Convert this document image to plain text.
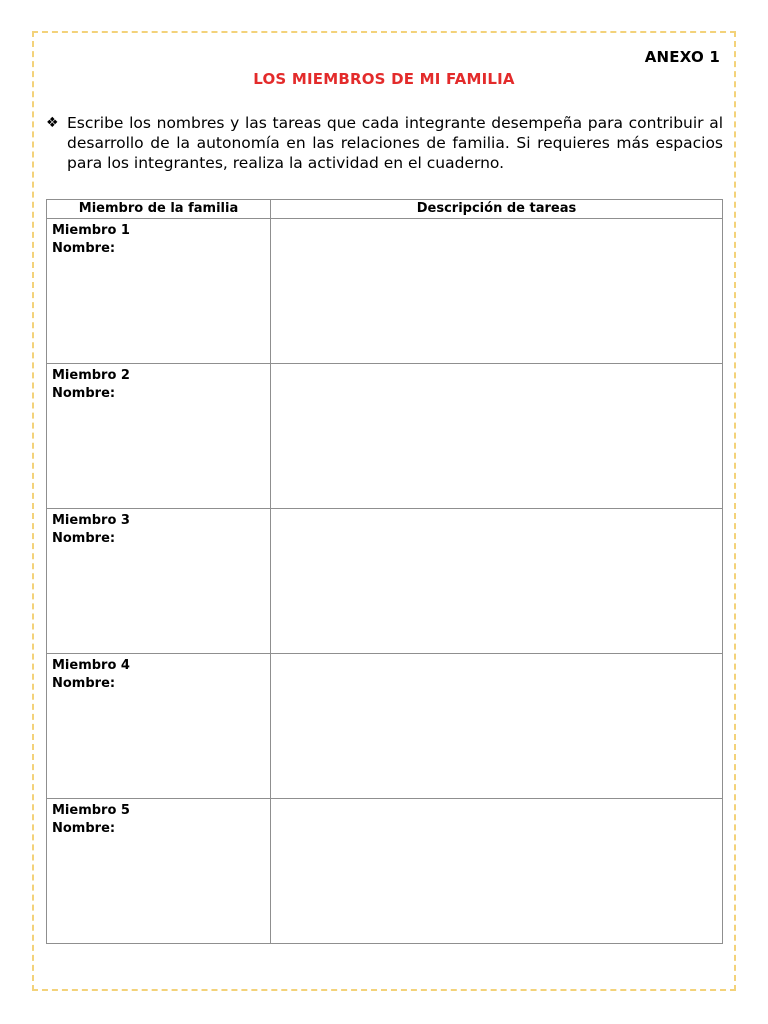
ANEXO 1
LOS MIEMBROS DE MI FAMILIA
❖ Escribe los nombres y las tareas que cada integrante desempeña para contribuir al desarrollo de la autonomía en las relaciones de familia. Si requieres más espacios para los integrantes, realiza la actividad en el cuaderno.
Miembro de la familia	Descripción de tareas

Miembro 1
Nombre:	

Miembro 2
Nombre:	

Miembro 3
Nombre:	

Miembro 4
Nombre:	

Miembro 5
Nombre:	
